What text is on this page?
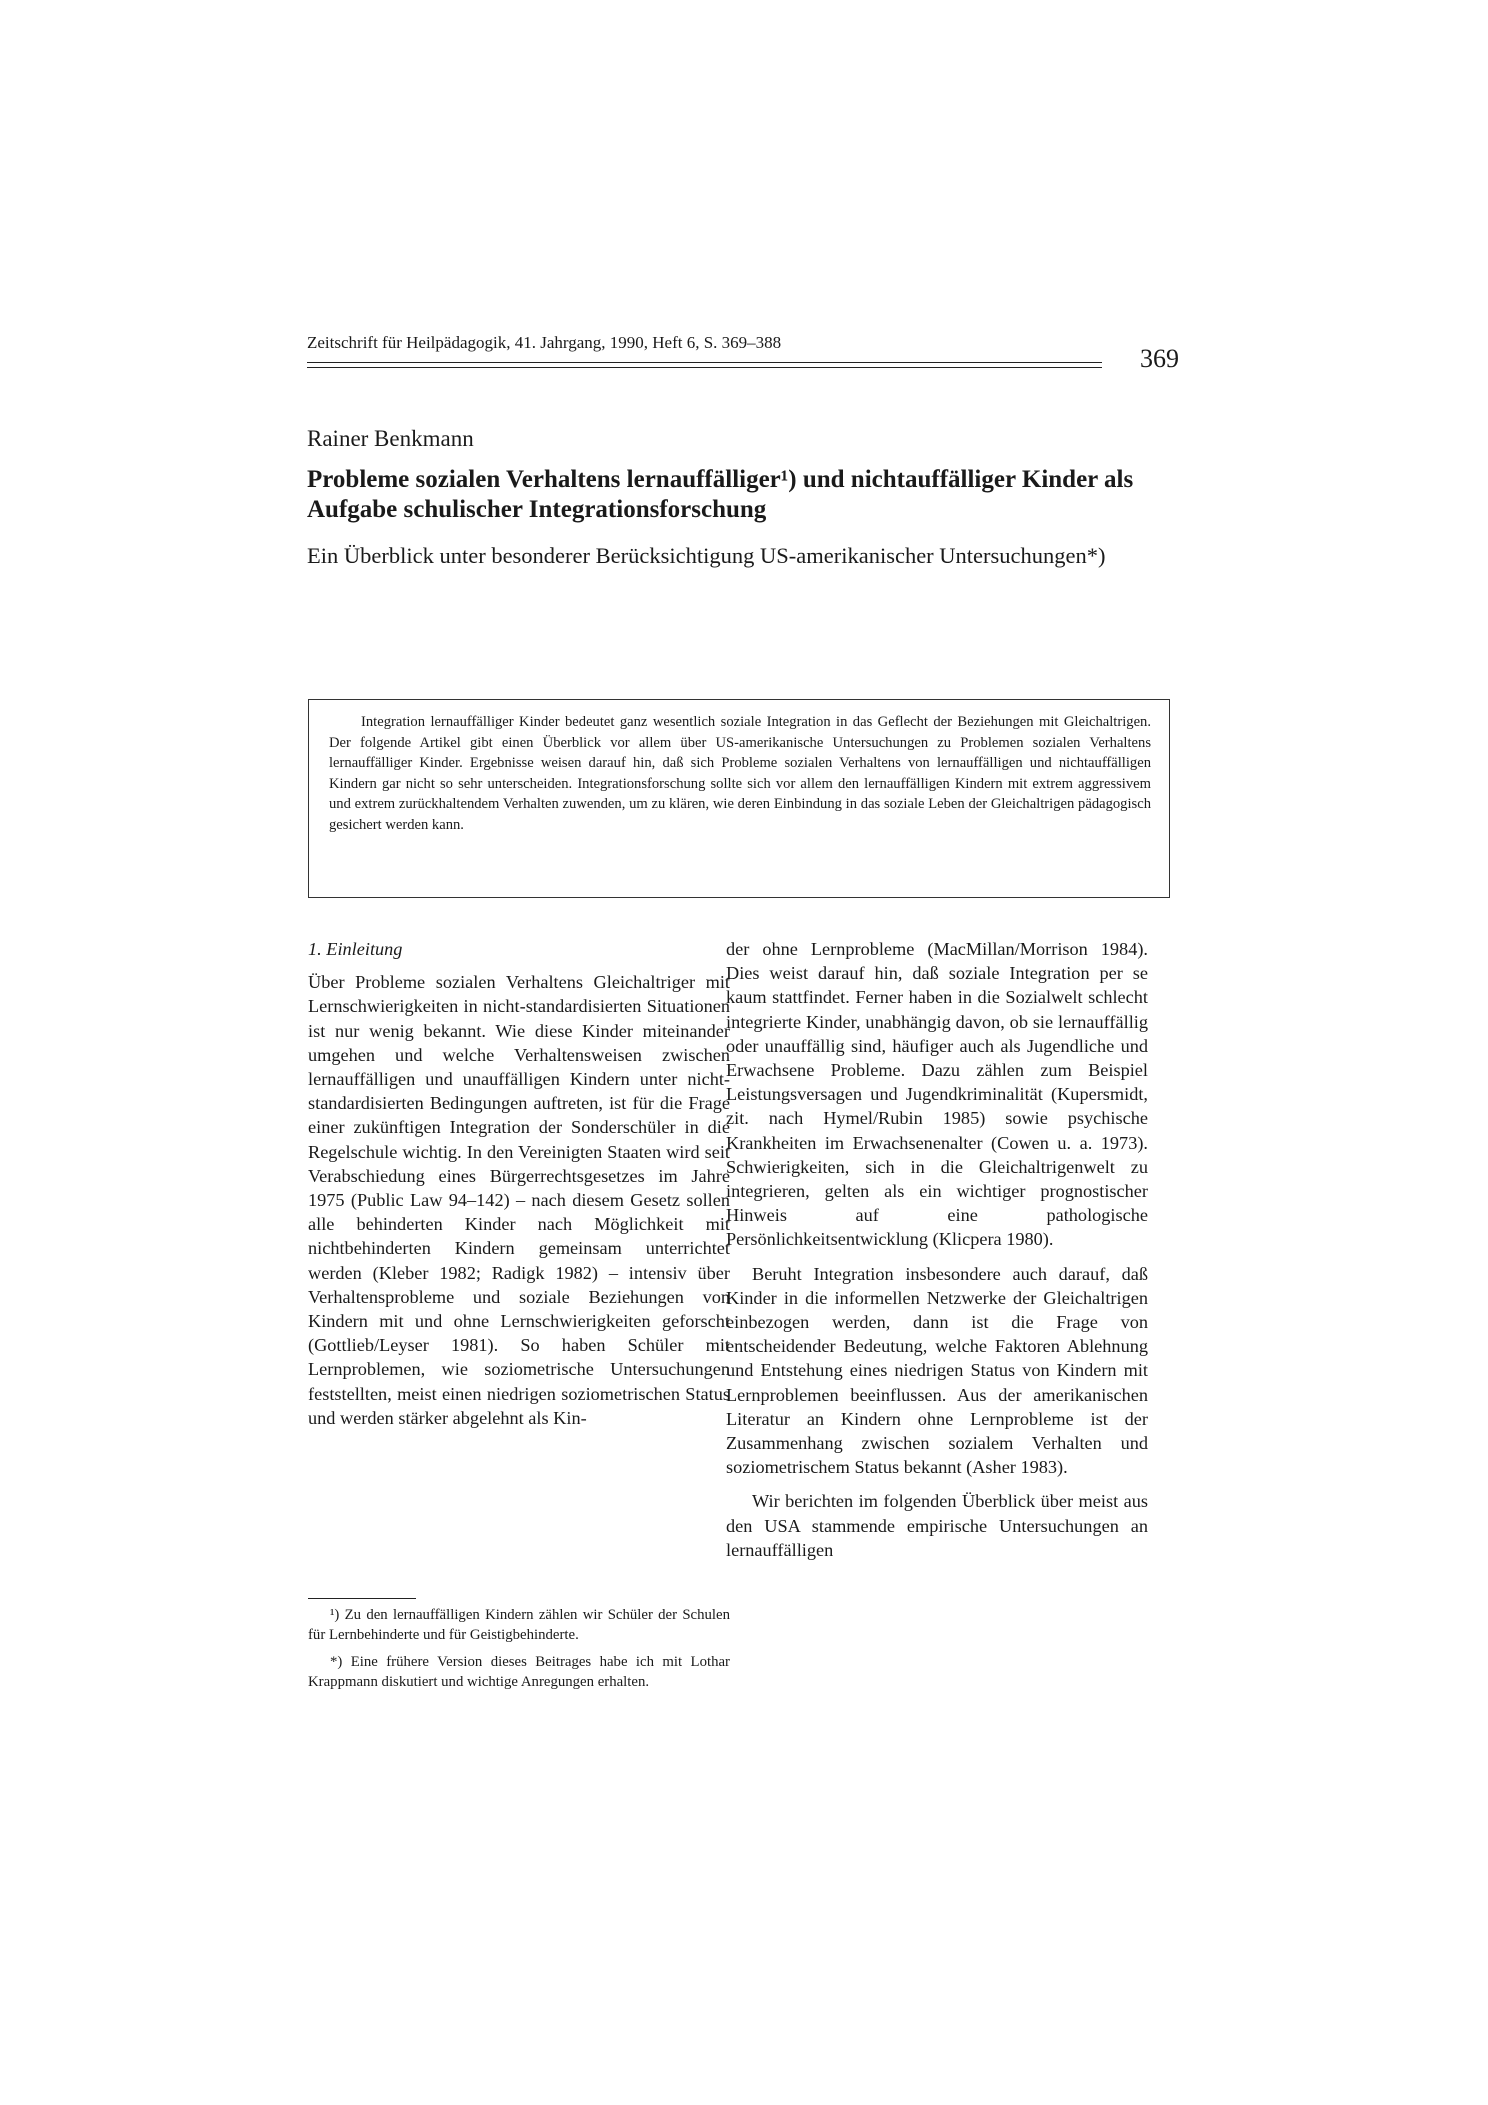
Zeitschrift für Heilpädagogik, 41. Jahrgang, 1990, Heft 6, S. 369–388
369
Rainer Benkmann
Probleme sozialen Verhaltens lernauffälliger¹) und nichtauffälliger Kinder als Aufgabe schulischer Integrationsforschung
Ein Überblick unter besonderer Berücksichtigung US-amerikanischer Untersuchungen*)
Integration lernauffälliger Kinder bedeutet ganz wesentlich soziale Integration in das Geflecht der Beziehungen mit Gleichaltrigen. Der folgende Artikel gibt einen Überblick vor allem über US-amerikanische Untersuchungen zu Problemen sozialen Verhaltens lernauffälliger Kinder. Ergebnisse weisen darauf hin, daß sich Probleme sozialen Verhaltens von lernauffälligen und nichtauffälligen Kindern gar nicht so sehr unterscheiden. Integrationsforschung sollte sich vor allem den lernauffälligen Kindern mit extrem aggressivem und extrem zurückhaltendem Verhalten zuwenden, um zu klären, wie deren Einbindung in das soziale Leben der Gleichaltrigen pädagogisch gesichert werden kann.
1. Einleitung
Über Probleme sozialen Verhaltens Gleichaltriger mit Lernschwierigkeiten in nicht-standardisierten Situationen ist nur wenig bekannt. Wie diese Kinder miteinander umgehen und welche Verhaltensweisen zwischen lernauffälligen und unauffälligen Kindern unter nicht-standardisierten Bedingungen auftreten, ist für die Frage einer zukünftigen Integration der Sonderschüler in die Regelschule wichtig. In den Vereinigten Staaten wird seit Verabschiedung eines Bürgerrechtsgesetzes im Jahre 1975 (Public Law 94–142) – nach diesem Gesetz sollen alle behinderten Kinder nach Möglichkeit mit nichtbehinderten Kindern gemeinsam unterrichtet werden (Kleber 1982; Radigk 1982) – intensiv über Verhaltensprobleme und soziale Beziehungen von Kindern mit und ohne Lernschwierigkeiten geforscht (Gottlieb/Leyser 1981). So haben Schüler mit Lernproblemen, wie soziometrische Untersuchungen feststellten, meist einen niedrigen soziometrischen Status und werden stärker abgelehnt als Kin-
der ohne Lernprobleme (MacMillan/Morrison 1984). Dies weist darauf hin, daß soziale Integration per se kaum stattfindet. Ferner haben in die Sozialwelt schlecht integrierte Kinder, unabhängig davon, ob sie lernauffällig oder unauffällig sind, häufiger auch als Jugendliche und Erwachsene Probleme. Dazu zählen zum Beispiel Leistungsversagen und Jugendkriminalität (Kupersmidt, zit. nach Hymel/Rubin 1985) sowie psychische Krankheiten im Erwachsenenalter (Cowen u. a. 1973). Schwierigkeiten, sich in die Gleichaltrigenwelt zu integrieren, gelten als ein wichtiger prognostischer Hinweis auf eine pathologische Persönlichkeitsentwicklung (Klicpera 1980).
Beruht Integration insbesondere auch darauf, daß Kinder in die informellen Netzwerke der Gleichaltrigen einbezogen werden, dann ist die Frage von entscheidender Bedeutung, welche Faktoren Ablehnung und Entstehung eines niedrigen Status von Kindern mit Lernproblemen beeinflussen. Aus der amerikanischen Literatur an Kindern ohne Lernprobleme ist der Zusammenhang zwischen sozialem Verhalten und soziometrischem Status bekannt (Asher 1983).
Wir berichten im folgenden Überblick über meist aus den USA stammende empirische Untersuchungen an lernauffälligen
¹) Zu den lernauffälligen Kindern zählen wir Schüler der Schulen für Lernbehinderte und für Geistigbehinderte.
*) Eine frühere Version dieses Beitrages habe ich mit Lothar Krappmann diskutiert und wichtige Anregungen erhalten.
